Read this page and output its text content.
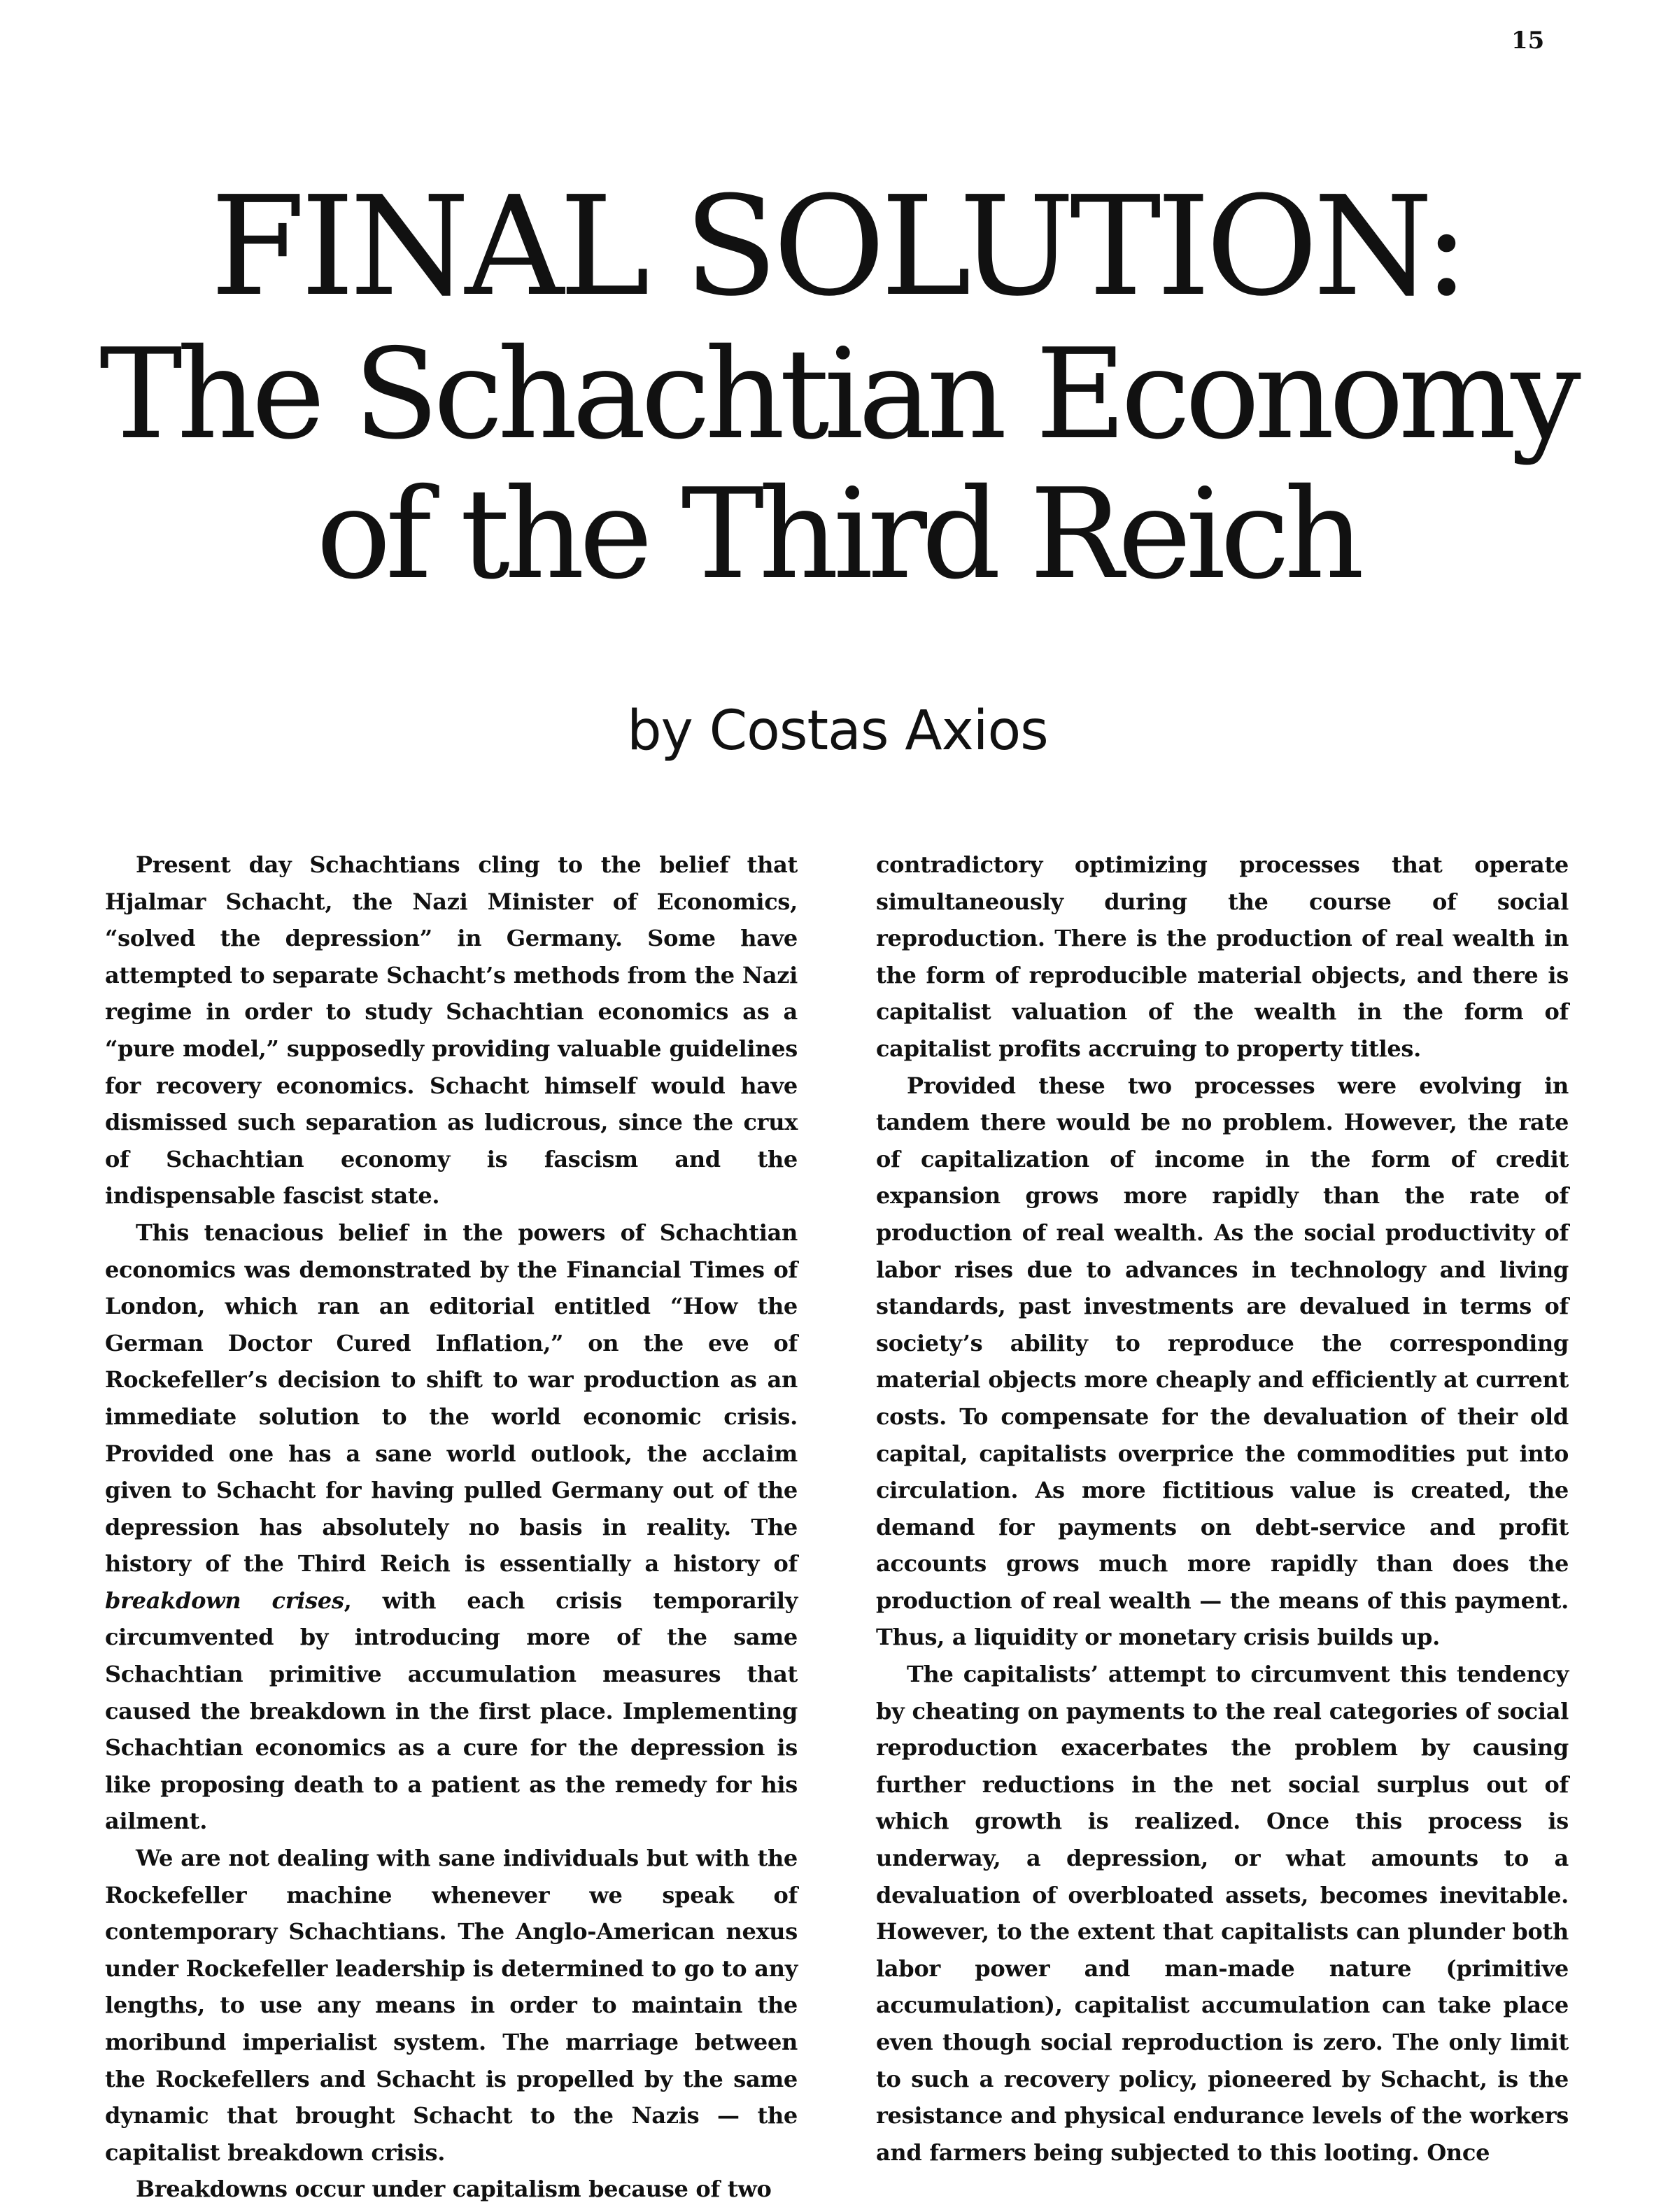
15
FINAL SOLUTION:
The Schachtian Economy
of the Third Reich
by Costas Axios

Present day Schachtians cling to the belief that Hjalmar Schacht, the Nazi Minister of Economics, “solved the depression” in Germany. Some have attempted to separate Schacht’s methods from the Nazi regime in order to study Schachtian economics as a “pure model,” supposedly providing valuable guidelines for recovery economics. Schacht himself would have dismissed such separation as ludicrous, since the crux of Schachtian economy is fascism and the indispensable fascist state.

This tenacious belief in the powers of Schachtian economics was demonstrated by the Financial Times of London, which ran an editorial entitled “How the German Doctor Cured Inflation,” on the eve of Rockefeller’s decision to shift to war production as an immediate solution to the world economic crisis. Provided one has a sane world outlook, the acclaim given to Schacht for having pulled Germany out of the depression has absolutely no basis in reality. The history of the Third Reich is essentially a history of breakdown crises, with each crisis temporarily circumvented by introducing more of the same Schachtian primitive accumulation measures that caused the breakdown in the first place. Implementing Schachtian economics as a cure for the depression is like proposing death to a patient as the remedy for his ailment.

We are not dealing with sane individuals but with the Rockefeller machine whenever we speak of contemporary Schachtians. The Anglo-American nexus under Rockefeller leadership is determined to go to any lengths, to use any means in order to maintain the moribund imperialist system. The marriage between the Rockefellers and Schacht is propelled by the same dynamic that brought Schacht to the Nazis — the capitalist breakdown crisis.

Breakdowns occur under capitalism because of two

contradictory optimizing processes that operate simultaneously during the course of social reproduction. There is the production of real wealth in the form of reproducible material objects, and there is capitalist valuation of the wealth in the form of capitalist profits accruing to property titles.

Provided these two processes were evolving in tandem there would be no problem. However, the rate of capitalization of income in the form of credit expansion grows more rapidly than the rate of production of real wealth. As the social productivity of labor rises due to advances in technology and living standards, past investments are devalued in terms of society’s ability to reproduce the corresponding material objects more cheaply and efficiently at current costs. To compensate for the devaluation of their old capital, capitalists overprice the commodities put into circulation. As more fictitious value is created, the demand for payments on debt-service and profit accounts grows much more rapidly than does the production of real wealth — the means of this payment. Thus, a liquidity or monetary crisis builds up.

The capitalists’ attempt to circumvent this tendency by cheating on payments to the real categories of social reproduction exacerbates the problem by causing further reductions in the net social surplus out of which growth is realized. Once this process is underway, a depression, or what amounts to a devaluation of overbloated assets, becomes inevitable. However, to the extent that capitalists can plunder both labor power and man-made nature (primitive accumulation), capitalist accumulation can take place even though social reproduction is zero. The only limit to such a recovery policy, pioneered by Schacht, is the resistance and physical endurance levels of the workers and farmers being subjected to this looting. Once
